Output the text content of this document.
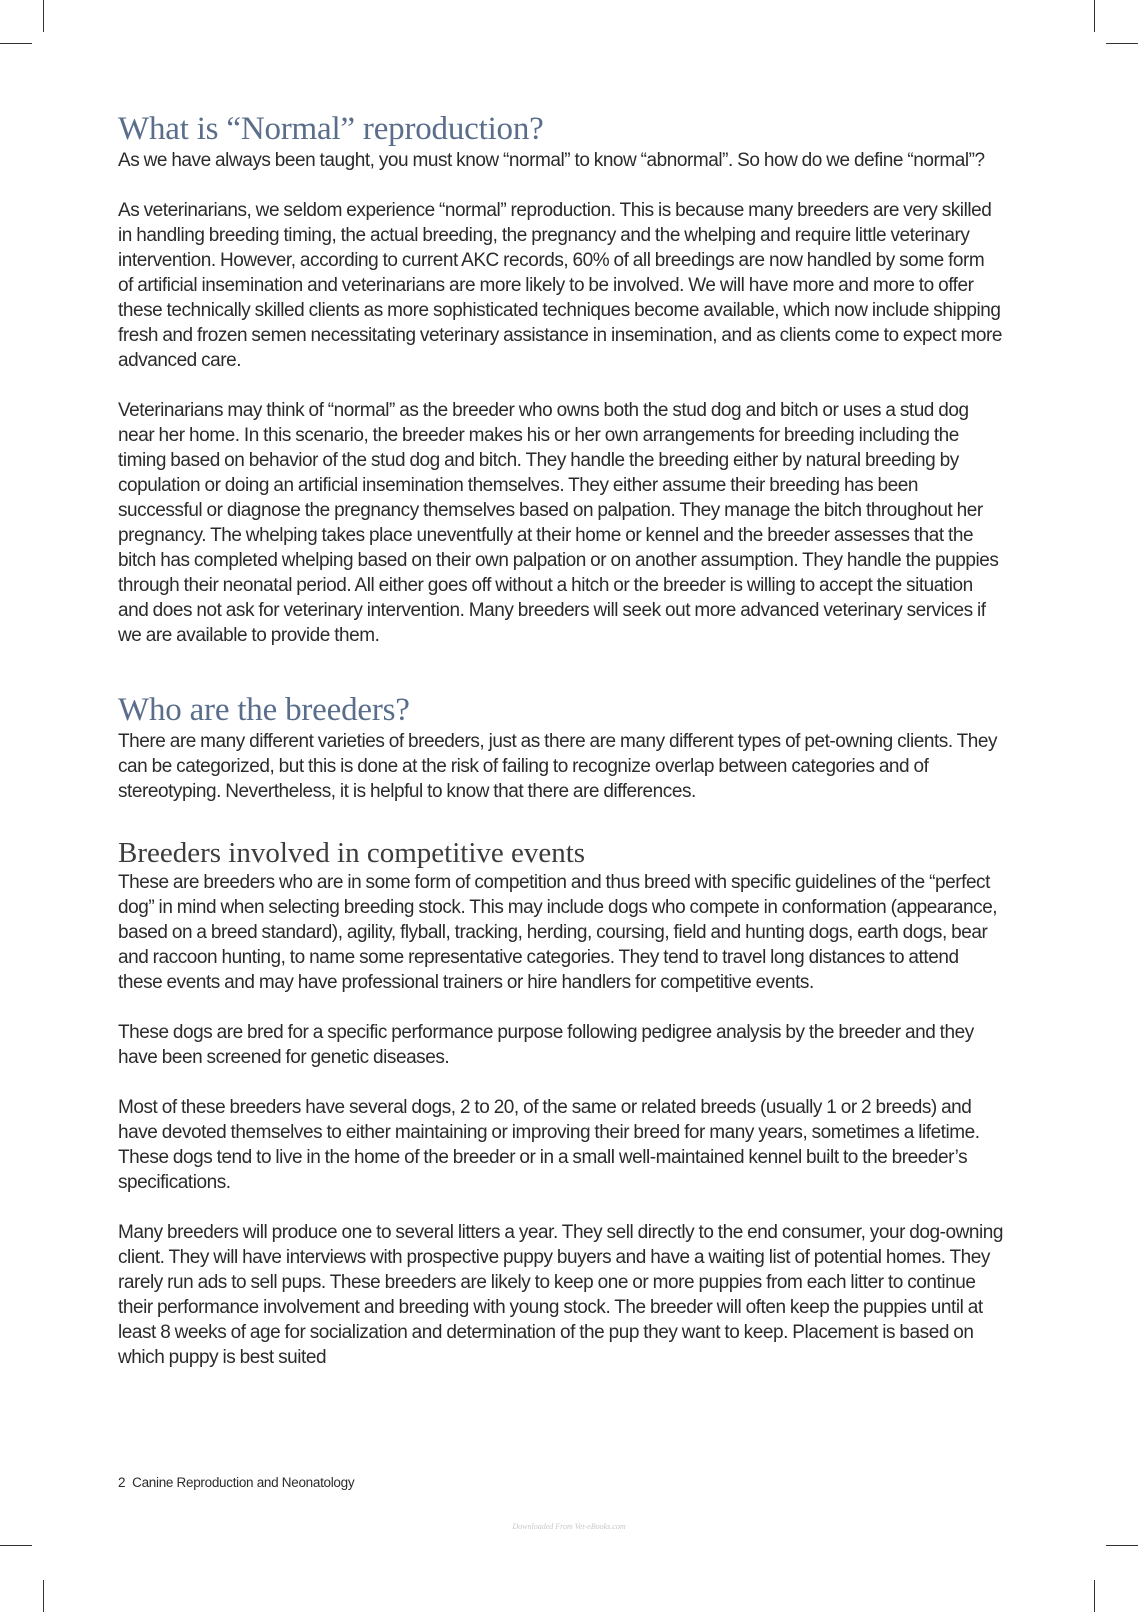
What is “Normal” reproduction?

As we have always been taught, you must know “normal” to know “abnormal”. So how do we define “normal”?

As veterinarians, we seldom experience “normal” reproduction. This is because many breeders are very skilled in handling breeding timing, the actual breeding, the pregnancy and the whelping and require little veterinary intervention. However, according to current AKC records, 60% of all breedings are now handled by some form of artificial insemination and veterinarians are more likely to be involved. We will have more and more to offer these technically skilled clients as more sophisticated techniques become available, which now include shipping fresh and frozen semen necessitating veterinary assistance in insemination, and as clients come to expect more advanced care.

Veterinarians may think of “normal” as the breeder who owns both the stud dog and bitch or uses a stud dog near her home. In this scenario, the breeder makes his or her own arrangements for breeding including the timing based on behavior of the stud dog and bitch. They handle the breeding either by natural breeding by copulation or doing an artificial insemination themselves. They either assume their breeding has been successful or diagnose the pregnancy themselves based on palpation. They manage the bitch throughout her pregnancy. The whelping takes place uneventfully at their home or kennel and the breeder assesses that the bitch has completed whelping based on their own palpation or on another assumption. They handle the puppies through their neonatal period. All either goes off without a hitch or the breeder is willing to accept the situation and does not ask for veterinary intervention. Many breeders will seek out more advanced veterinary services if we are available to provide them.

Who are the breeders?

There are many different varieties of breeders, just as there are many different types of pet-owning clients. They can be categorized, but this is done at the risk of failing to recognize overlap between categories and of stereotyping. Nevertheless, it is helpful to know that there are differences.

Breeders involved in competitive events

These are breeders who are in some form of competition and thus breed with specific guidelines of the “perfect dog” in mind when selecting breeding stock. This may include dogs who compete in conformation (appearance, based on a breed standard), agility, flyball, tracking, herding, coursing, field and hunting dogs, earth dogs, bear and raccoon hunting, to name some representative categories. They tend to travel long distances to attend these events and may have professional trainers or hire handlers for competitive events.

These dogs are bred for a specific performance purpose following pedigree analysis by the breeder and they have been screened for genetic diseases.

Most of these breeders have several dogs, 2 to 20, of the same or related breeds (usually 1 or 2 breeds) and have devoted themselves to either maintaining or improving their breed for many years, sometimes a lifetime. These dogs tend to live in the home of the breeder or in a small well-maintained kennel built to the breeder’s specifications.

Many breeders will produce one to several litters a year. They sell directly to the end consumer, your dog-owning client. They will have interviews with prospective puppy buyers and have a waiting list of potential homes. They rarely run ads to sell pups. These breeders are likely to keep one or more puppies from each litter to continue their performance involvement and breeding with young stock. The breeder will often keep the puppies until at least 8 weeks of age for socialization and determination of the pup they want to keep. Placement is based on which puppy is best suited

2 Canine Reproduction and Neonatology
Downloaded From Vet-eBooks.com
